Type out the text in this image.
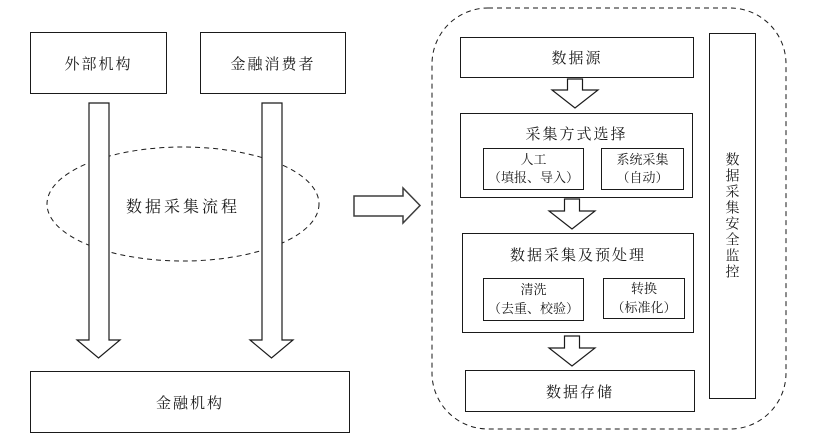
外部机构	金融消费者
数据采集流程
金融机构
数据源
采集方式选择
人工
（填报、导入）
系统采集
（自动）
数据采集及预处理
清洗
（去重、校验）
转换
（标准化）
数据存储
数据采集安全监控
